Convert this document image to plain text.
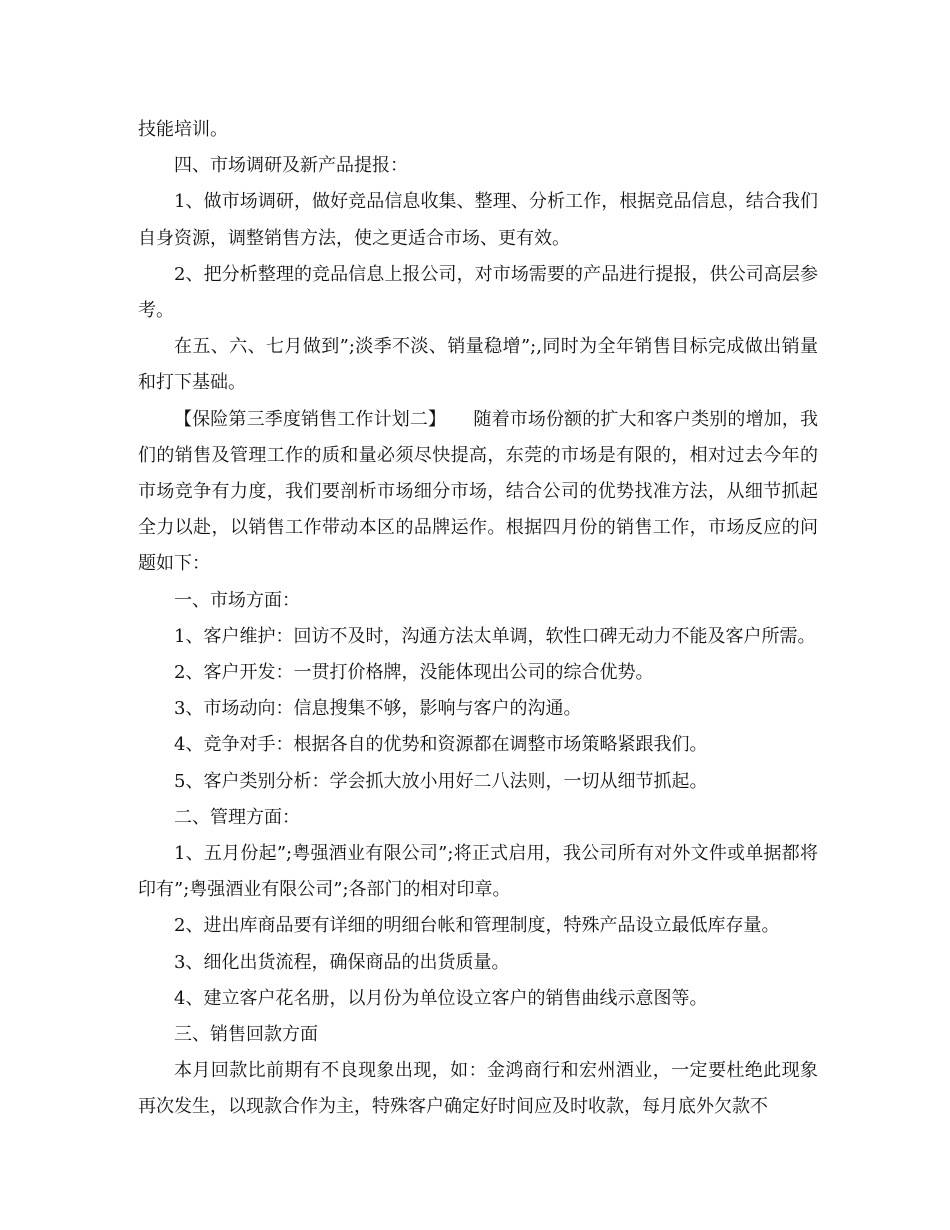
技能培训。

四、市场调研及新产品提报：

1、做市场调研，做好竞品信息收集、整理、分析工作，根据竞品信息，结合我们自身资源，调整销售方法，使之更适合市场、更有效。

2、把分析整理的竞品信息上报公司，对市场需要的产品进行提报，供公司高层参考。

在五、六、七月做到”;淡季不淡、销量稳增”;,同时为全年销售目标完成做出销量和打下基础。

【保险第三季度销售工作计划二】　　随着市场份额的扩大和客户类别的增加，我们的销售及管理工作的质和量必须尽快提高，东莞的市场是有限的，相对过去今年的市场竞争有力度，我们要剖析市场细分市场，结合公司的优势找准方法，从细节抓起全力以赴，以销售工作带动本区的品牌运作。根据四月份的销售工作，市场反应的问题如下：

一、市场方面：

1、客户维护：回访不及时，沟通方法太单调，软性口碑无动力不能及客户所需。

2、客户开发：一贯打价格牌，没能体现出公司的综合优势。

3、市场动向：信息搜集不够，影响与客户的沟通。

4、竞争对手：根据各自的优势和资源都在调整市场策略紧跟我们。

5、客户类别分析：学会抓大放小用好二八法则，一切从细节抓起。

二、管理方面：

1、五月份起”;粤强酒业有限公司”;将正式启用，我公司所有对外文件或单据都将印有”;粤强酒业有限公司”;各部门的相对印章。

2、进出库商品要有详细的明细台帐和管理制度，特殊产品设立最低库存量。

3、细化出货流程，确保商品的出货质量。

4、建立客户花名册，以月份为单位设立客户的销售曲线示意图等。

三、销售回款方面

本月回款比前期有不良现象出现，如：金鸿商行和宏州酒业，一定要杜绝此现象再次发生，以现款合作为主，特殊客户确定好时间应及时收款，每月底外欠款不
